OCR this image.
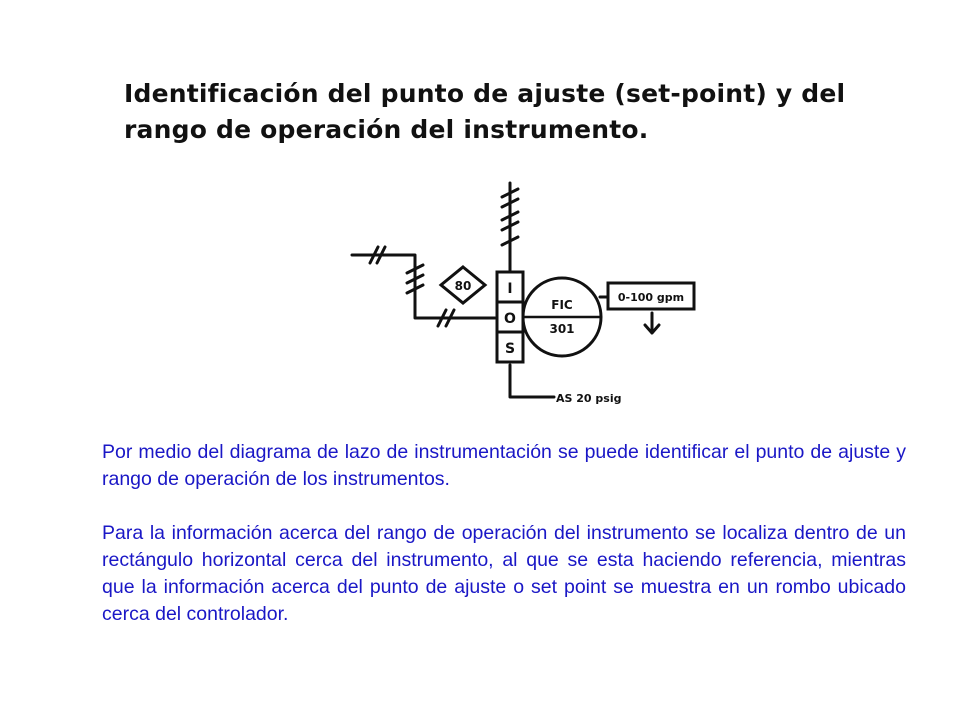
Identificación del punto de ajuste (set-point) y del rango de operación del instrumento.
80	I
O
S
FIC
301
0-100 gpm
AS 20 psig

Por medio del diagrama de lazo de instrumentación se puede identificar el punto de ajuste y rango de operación de los instrumentos.

Para la información acerca del rango de operación del instrumento se localiza dentro de un rectángulo horizontal cerca del instrumento, al que se esta haciendo referencia, mientras que la información acerca del punto de ajuste o set point se muestra en un rombo ubicado cerca del controlador.
